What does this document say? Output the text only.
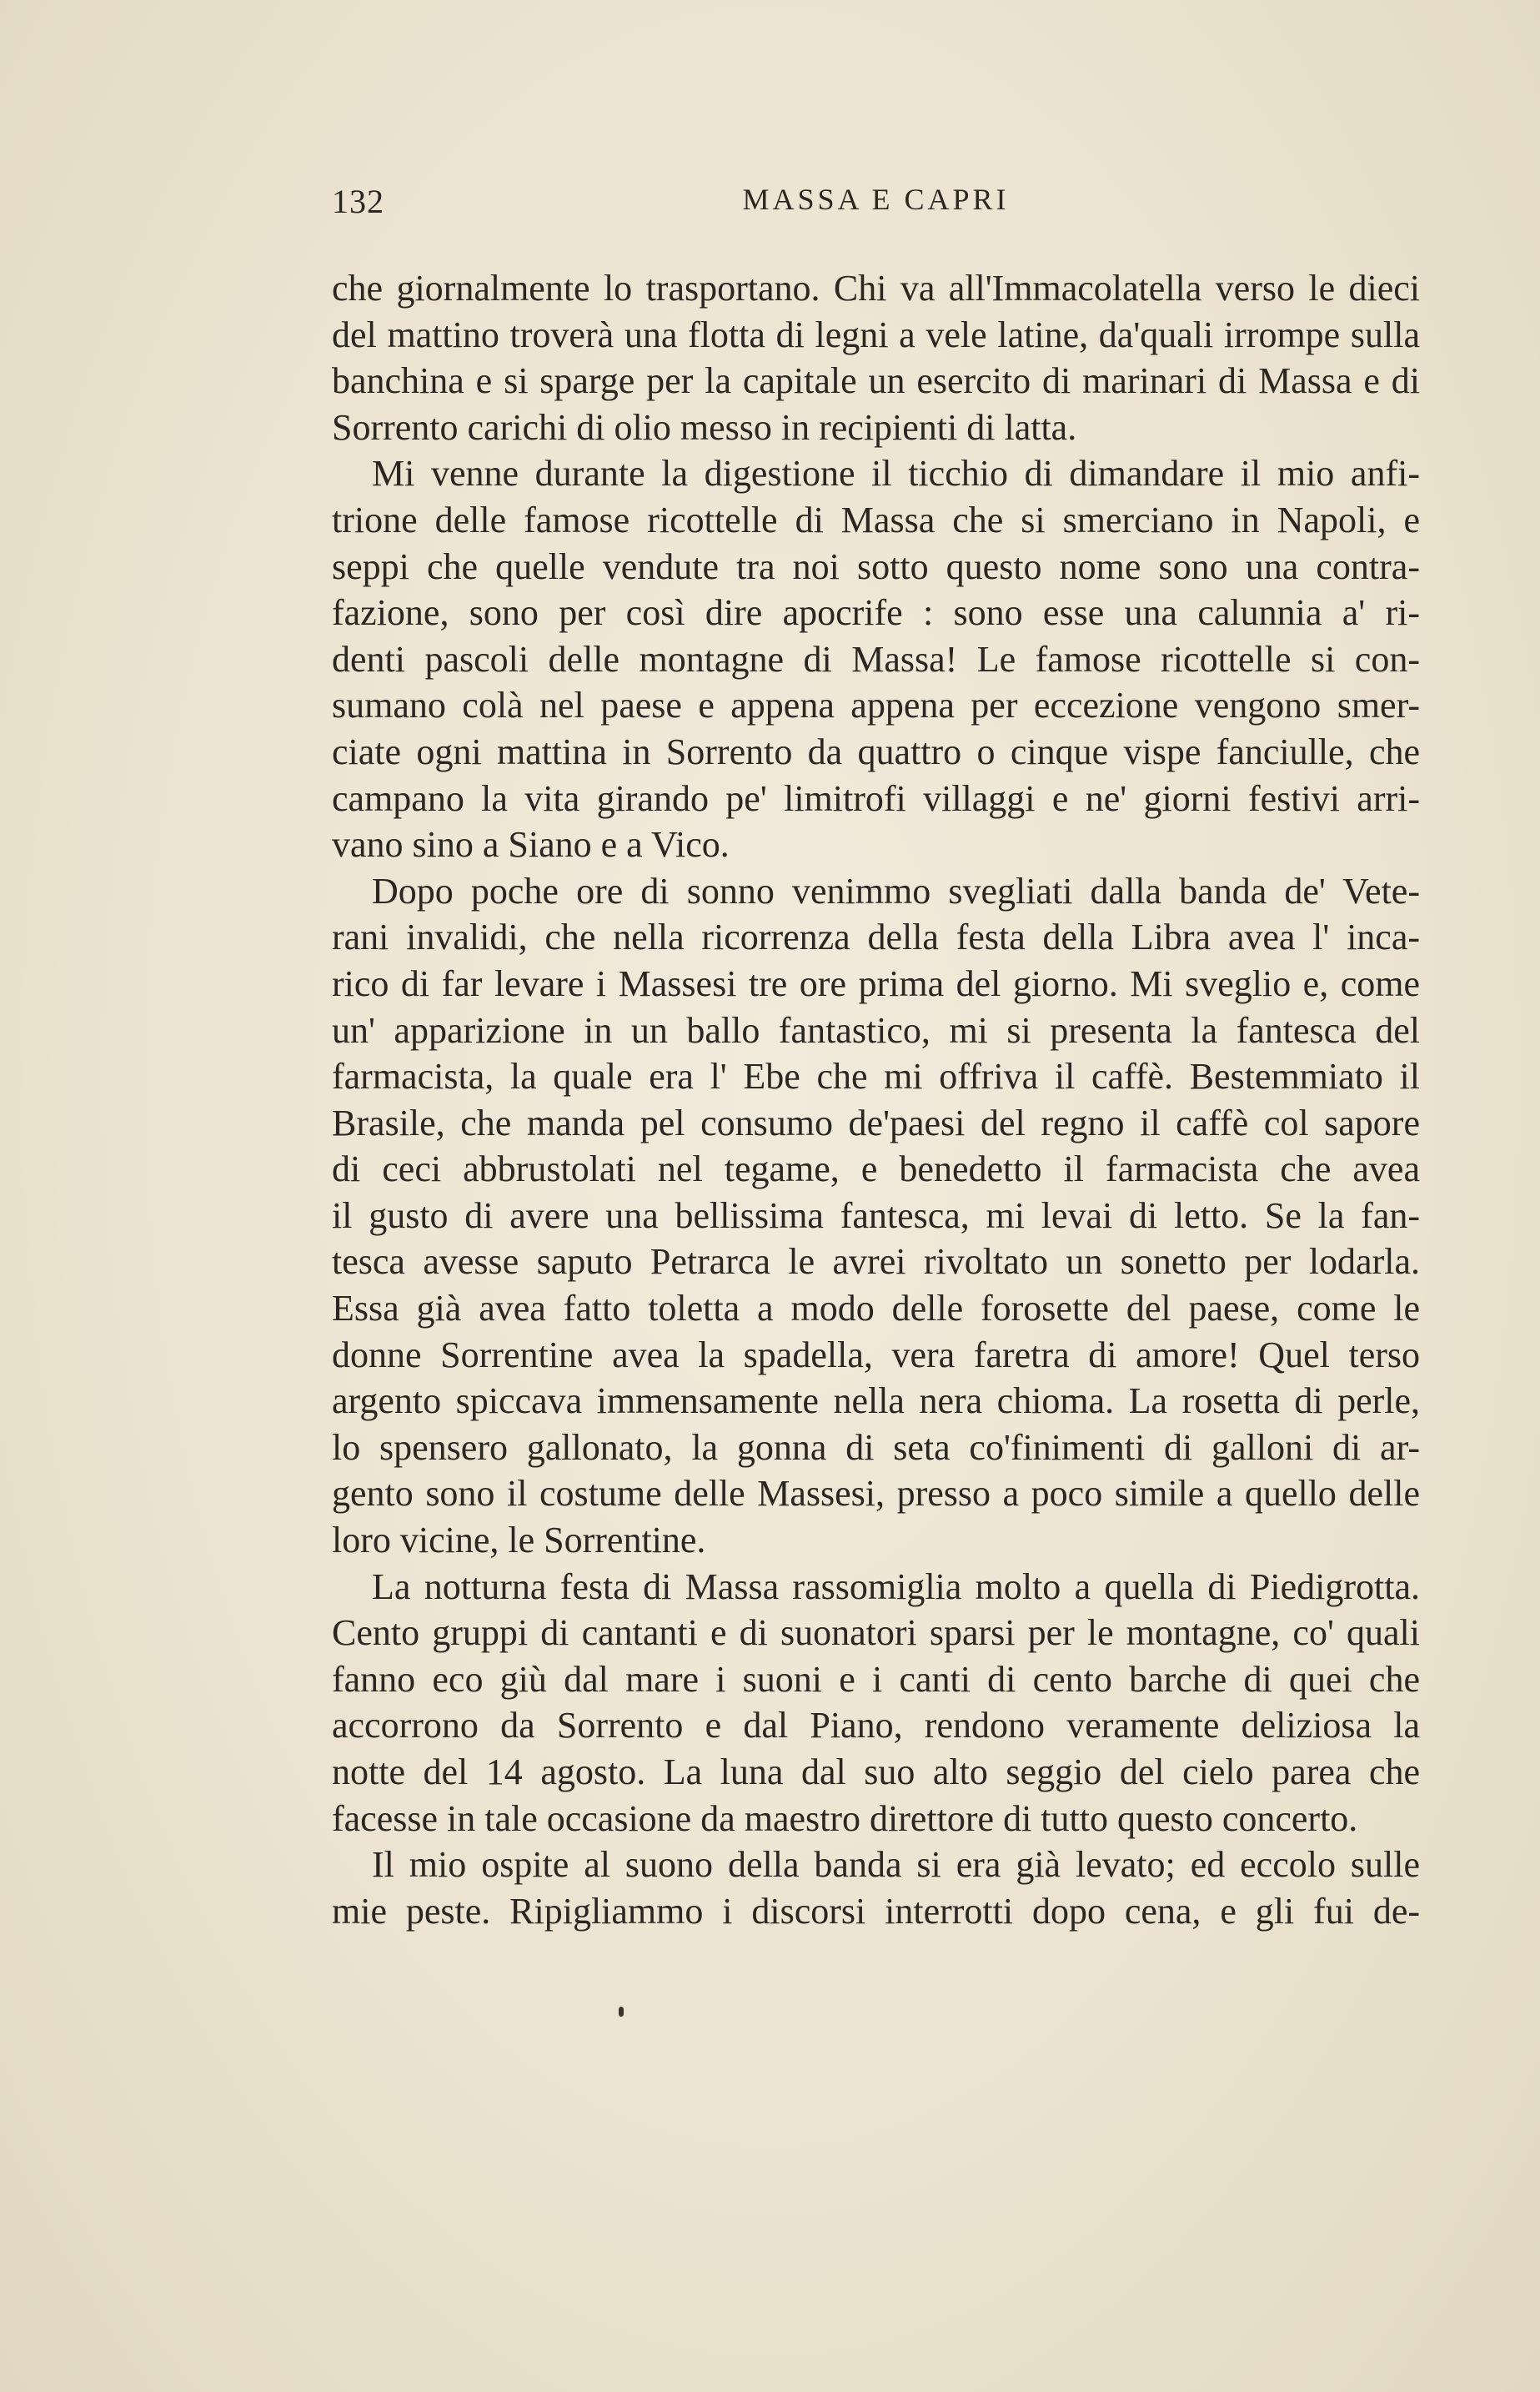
132	MASSA E CAPRI
che giornalmente lo trasportano. Chi va all'Immacolatella verso le dieci
del mattino troverà una flotta di legni a vele latine, da'quali irrompe sulla
banchina e si sparge per la capitale un esercito di marinari di Massa e di
Sorrento carichi di olio messo in recipienti di latta.
Mi venne durante la digestione il ticchio di dimandare il mio anfi-
trione delle famose ricottelle di Massa che si smerciano in Napoli, e
seppi che quelle vendute tra noi sotto questo nome sono una contra-
fazione, sono per così dire apocrife : sono esse una calunnia a' ri-
denti pascoli delle montagne di Massa! Le famose ricottelle si con-
sumano colà nel paese e appena appena per eccezione vengono smer-
ciate ogni mattina in Sorrento da quattro o cinque vispe fanciulle, che
campano la vita girando pe' limitrofi villaggi e ne' giorni festivi arri-
vano sino a Siano e a Vico.
Dopo poche ore di sonno venimmo svegliati dalla banda de' Vete-
rani invalidi, che nella ricorrenza della festa della Libra avea l' inca-
rico di far levare i Massesi tre ore prima del giorno. Mi sveglio e, come
un' apparizione in un ballo fantastico, mi si presenta la fantesca del
farmacista, la quale era l' Ebe che mi offriva il caffè. Bestemmiato il
Brasile, che manda pel consumo de'paesi del regno il caffè col sapore
di ceci abbrustolati nel tegame, e benedetto il farmacista che avea
il gusto di avere una bellissima fantesca, mi levai di letto. Se la fan-
tesca avesse saputo Petrarca le avrei rivoltato un sonetto per lodarla.
Essa già avea fatto toletta a modo delle forosette del paese, come le
donne Sorrentine avea la spadella, vera faretra di amore! Quel terso
argento spiccava immensamente nella nera chioma. La rosetta di perle,
lo spensero gallonato, la gonna di seta co'finimenti di galloni di ar-
gento sono il costume delle Massesi, presso a poco simile a quello delle
loro vicine, le Sorrentine.
La notturna festa di Massa rassomiglia molto a quella di Piedigrotta.
Cento gruppi di cantanti e di suonatori sparsi per le montagne, co' quali
fanno eco giù dal mare i suoni e i canti di cento barche di quei che
accorrono da Sorrento e dal Piano, rendono veramente deliziosa la
notte del 14 agosto. La luna dal suo alto seggio del cielo parea che
facesse in tale occasione da maestro direttore di tutto questo concerto.
Il mio ospite al suono della banda si era già levato; ed eccolo sulle
mie peste. Ripigliammo i discorsi interrotti dopo cena, e gli fui de-
